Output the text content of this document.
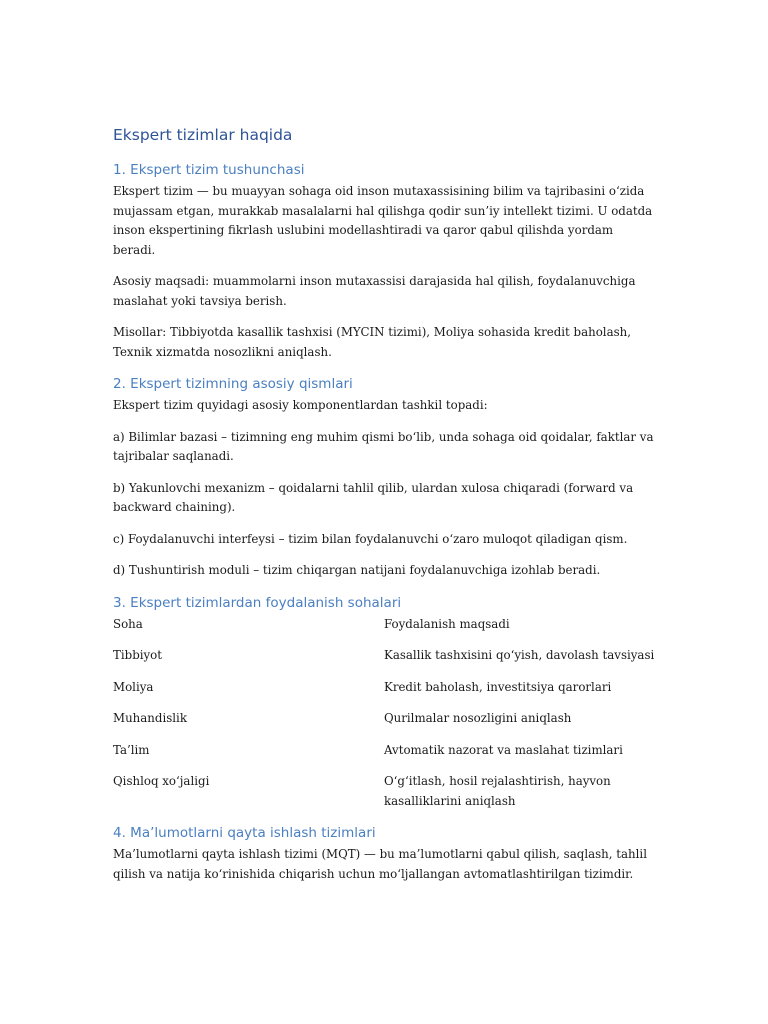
Ekspert tizimlar haqida
1. Ekspert tizim tushunchasi

Ekspert tizim — bu muayyan sohaga oid inson mutaxassisining bilim va tajribasini o‘zida mujassam etgan, murakkab masalalarni hal qilishga qodir sun’iy intellekt tizimi. U odatda inson ekspertining fikrlash uslubini modellashtiradi va qaror qabul qilishda yordam beradi.

Asosiy maqsadi: muammolarni inson mutaxassisi darajasida hal qilish, foydalanuvchiga maslahat yoki tavsiya berish.

Misollar: Tibbiyotda kasallik tashxisi (MYCIN tizimi), Moliya sohasida kredit baholash, Texnik xizmatda nosozlikni aniqlash.

2. Ekspert tizimning asosiy qismlari

Ekspert tizim quyidagi asosiy komponentlardan tashkil topadi:

a) Bilimlar bazasi – tizimning eng muhim qismi bo‘lib, unda sohaga oid qoidalar, faktlar va tajribalar saqlanadi.

b) Yakunlovchi mexanizm – qoidalarni tahlil qilib, ulardan xulosa chiqaradi (forward va backward chaining).

c) Foydalanuvchi interfeysi – tizim bilan foydalanuvchi o‘zaro muloqot qiladigan qism.

d) Tushuntirish moduli – tizim chiqargan natijani foydalanuvchiga izohlab beradi.

3. Ekspert tizimlardan foydalanish sohalari
Soha	Foydalanish maqsadi
Tibbiyot	Kasallik tashxisini qo‘yish, davolash tavsiyasi
Moliya	Kredit baholash, investitsiya qarorlari
Muhandislik	Qurilmalar nosozligini aniqlash
Ta’lim	Avtomatik nazorat va maslahat tizimlari
Qishloq xo‘jaligi	O‘g‘itlash, hosil rejalashtirish, hayvon kasalliklarini aniqlash
4. Ma’lumotlarni qayta ishlash tizimlari

Ma’lumotlarni qayta ishlash tizimi (MQT) — bu ma’lumotlarni qabul qilish, saqlash, tahlil qilish va natija ko‘rinishida chiqarish uchun mo‘ljallangan avtomatlashtirilgan tizimdir.
